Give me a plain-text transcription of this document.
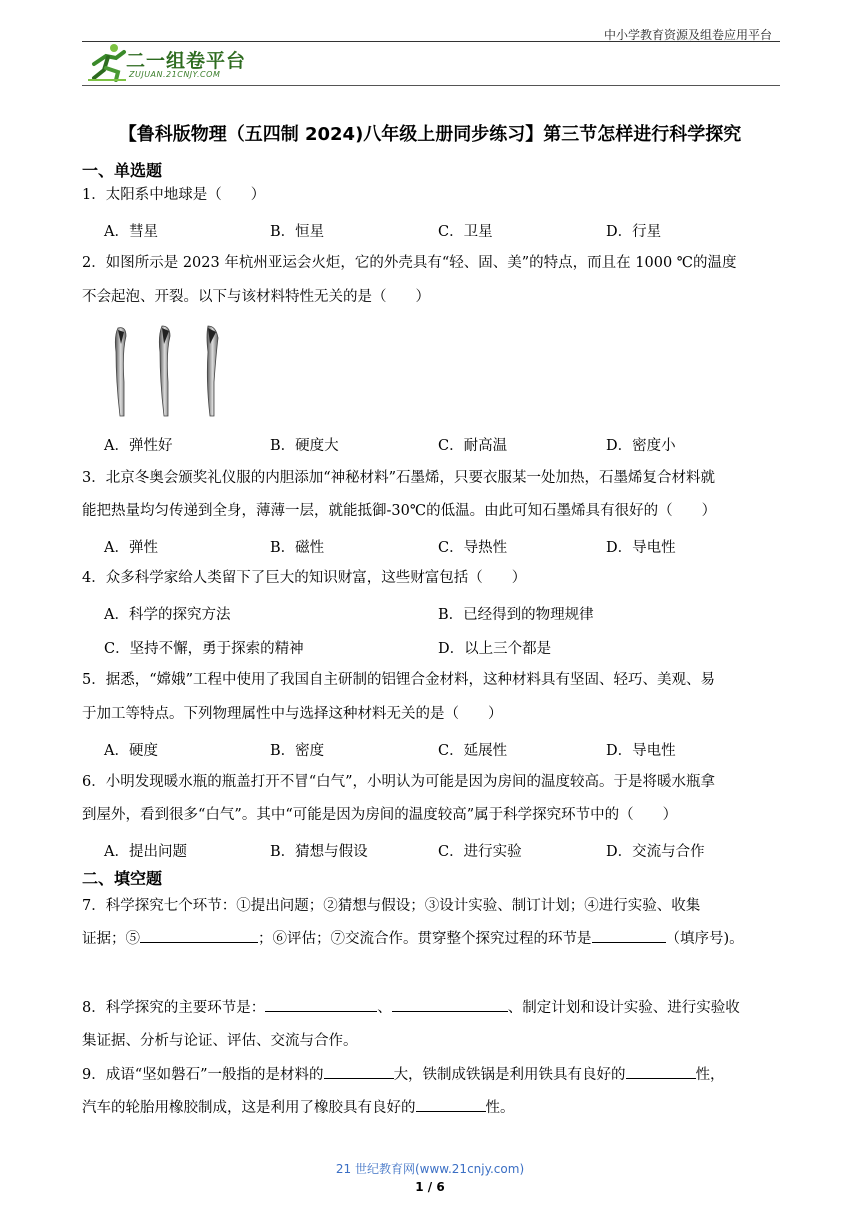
中小学教育资源及组卷应用平台
二一组卷平台
ZUJUAN.21CNJY.COM
【鲁科版物理（五四制 2024)八年级上册同步练习】第三节怎样进行科学探究
一、单选题
1．太阳系中地球是（　　）
A．彗星	B．恒星	C．卫星	D．行星
2．如图所示是 2023 年杭州亚运会火炬，它的外壳具有“轻、固、美”的特点，而且在 1000 ℃的温度
不会起泡、开裂。以下与该材料特性无关的是（　　）
A．弹性好	B．硬度大	C．耐高温	D．密度小
3．北京冬奥会颁奖礼仪服的内胆添加“神秘材料”石墨烯，只要衣服某一处加热，石墨烯复合材料就
能把热量均匀传递到全身，薄薄一层，就能抵御-30℃的低温。由此可知石墨烯具有很好的（　　）
A．弹性	B．磁性	C．导热性	D．导电性
4．众多科学家给人类留下了巨大的知识财富，这些财富包括（　　）
A．科学的探究方法	B．已经得到的物理规律
C．坚持不懈，勇于探索的精神	D．以上三个都是
5．据悉，“嫦娥”工程中使用了我国自主研制的铝锂合金材料，这种材料具有坚固、轻巧、美观、易
于加工等特点。下列物理属性中与选择这种材料无关的是（　　）
A．硬度	B．密度	C．延展性	D．导电性
6．小明发现暖水瓶的瓶盖打开不冒“白气”，小明认为可能是因为房间的温度较高。于是将暖水瓶拿
到屋外，看到很多“白气”。其中“可能是因为房间的温度较高”属于科学探究环节中的（　　）
A．提出问题	B．猜想与假设	C．进行实验	D．交流与合作
二、填空题
7．科学探究七个环节：①提出问题；②猜想与假设；③设计实验、制订计划；④进行实验、收集
证据；⑤	；⑥评估；⑦交流合作。贯穿整个探究过程的环节是	（填序号)。
8．科学探究的主要环节是：	、	、制定计划和设计实验、进行实验收
集证据、分析与论证、评估、交流与合作。
9．成语“坚如磐石”一般指的是材料的	大，铁制成铁锅是利用铁具有良好的	性，
汽车的轮胎用橡胶制成，这是利用了橡胶具有良好的	性。
21 世纪教育网(www.21cnjy.com)
1 / 6
